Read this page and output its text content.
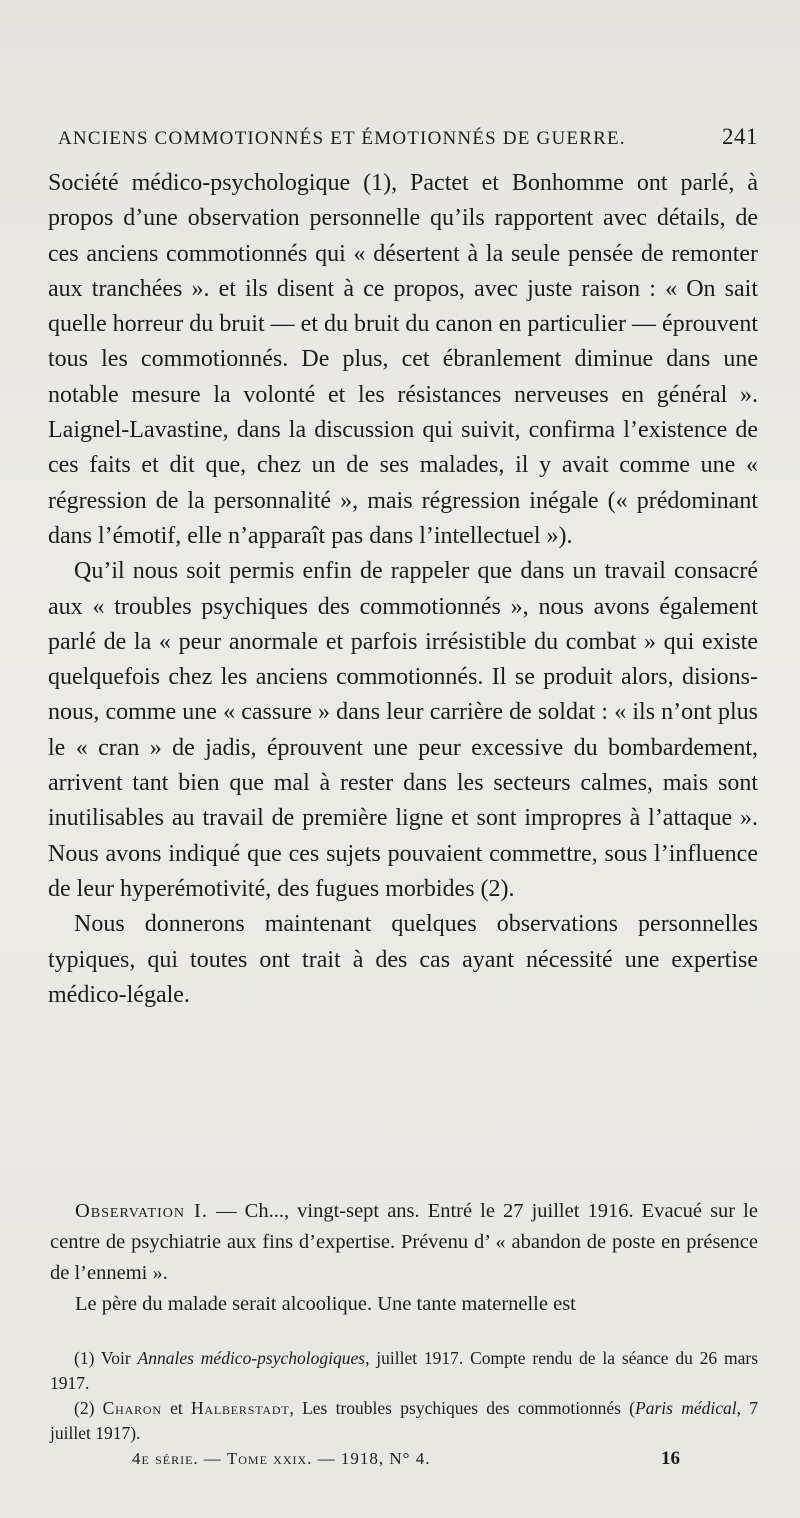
ANCIENS COMMOTIONNÉS ET ÉMOTIONNÉS DE GUERRE.	241

Société médico-psychologique (1), Pactet et Bonhomme ont parlé, à propos d’une observation personnelle qu’ils rapportent avec détails, de ces anciens commotionnés qui « désertent à la seule pensée de remonter aux tranchées ». et ils disent à ce propos, avec juste raison : « On sait quelle horreur du bruit — et du bruit du canon en particulier — éprouvent tous les commotionnés. De plus, cet ébranlement diminue dans une notable mesure la volonté et les résistances nerveuses en général ». Laignel-Lavastine, dans la discussion qui suivit, confirma l’existence de ces faits et dit que, chez un de ses malades, il y avait comme une « régression de la personnalité », mais régression inégale (« prédominant dans l’émotif, elle n’apparaît pas dans l’intellectuel »).

Qu’il nous soit permis enfin de rappeler que dans un travail consacré aux « troubles psychiques des commotionnés », nous avons également parlé de la « peur anormale et parfois irrésistible du combat » qui existe quelquefois chez les anciens commotionnés. Il se produit alors, disions-nous, comme une « cassure » dans leur carrière de soldat : « ils n’ont plus le « cran » de jadis, éprouvent une peur excessive du bombardement, arrivent tant bien que mal à rester dans les secteurs calmes, mais sont inutilisables au travail de première ligne et sont impropres à l’attaque ». Nous avons indiqué que ces sujets pouvaient commettre, sous l’influence de leur hyperémotivité, des fugues morbides (2).

Nous donnerons maintenant quelques observations personnelles typiques, qui toutes ont trait à des cas ayant nécessité une expertise médico-légale.

Observation I. — Ch..., vingt-sept ans. Entré le 27 juillet 1916. Evacué sur le centre de psychiatrie aux fins d’expertise. Prévenu d’ « abandon de poste en présence de l’ennemi ».

Le père du malade serait alcoolique. Une tante maternelle est

(1) Voir Annales médico-psychologiques, juillet 1917. Compte rendu de la séance du 26 mars 1917.

(2) Charon et Halberstadt, Les troubles psychiques des commotionnés (Paris médical, 7 juillet 1917).

4e série. — Tome xxix. — 1918, N° 4.	16
